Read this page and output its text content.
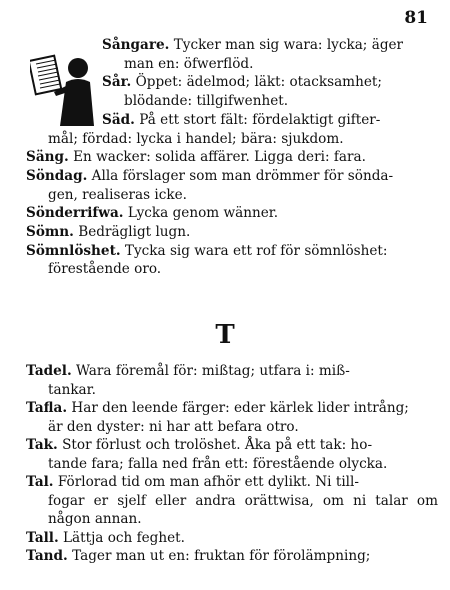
81
Sångare. Tycker man sig wara: lycka; äger
man en: öfwerflöd.
Sår. Öppet: ädelmod; läkt: otacksamhet;
blödande: tillgifwenhet.
Säd. På ett stort fält: fördelaktigt gifter-
mål; fördad: lycka i handel; bära: sjukdom.
Säng. En wacker: solida affärer. Ligga deri: fara.
Söndag. Alla förslager som man drömmer för sönda-
gen, realiseras icke.
Sönderrifwa. Lycka genom wänner.
Sömn. Bedrägligt lugn.
Sömnlöshet. Tycka sig wara ett rof för sömnlöshet:
förestående oro.
T
Tadel. Wara föremål för: mißtag; utfara i: miß-
tankar.
Tafla. Har den leende färger: eder kärlek lider intrång;
är den dyster: ni har att befara otro.
Tak. Stor förlust och trolöshet. Åka på ett tak: ho-
tande fara; falla ned från ett: förestående olycka.
Tal. Förlorad tid om man afhör ett dylikt. Ni till-
fogar er sjelf eller andra orättwisa, om ni talar om någon annan.
Tall. Lättja och feghet.
Tand. Tager man ut en: fruktan för förolämpning;
